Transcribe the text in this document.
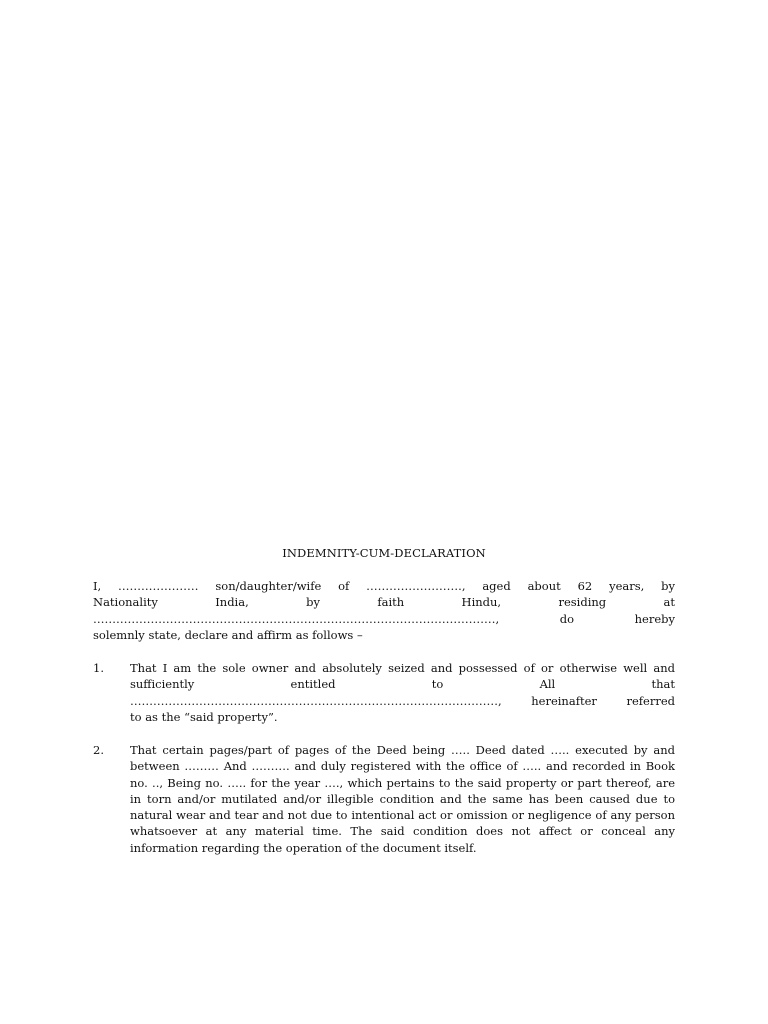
INDEMNITY-CUM-DECLARATION
I, ………………… son/daughter/wife of ……………………., aged about 62 years, by
Nationality India, by faith Hindu, residing at
……………………………………………………………………………………………, do hereby
solemnly state, declare and affirm as follows –
1. That I am the sole owner and absolutely seized and possessed of or otherwise well and
sufficiently entitled to All that
……………………………………………………………………………………, hereinafter referred
to as the “said property”.
2. That certain pages/part of pages of the Deed being ….. Deed dated ….. executed by and between ……… And ………. and duly registered with the office of ….. and recorded in Book no. .., Being no. ….. for the year …., which pertains to the said property or part thereof, are in torn and/or mutilated and/or illegible condition and the same has been caused due to natural wear and tear and not due to intentional act or omission or negligence of any person whatsoever at any material time. The said condition does not affect or conceal any information regarding the operation of the document itself.
